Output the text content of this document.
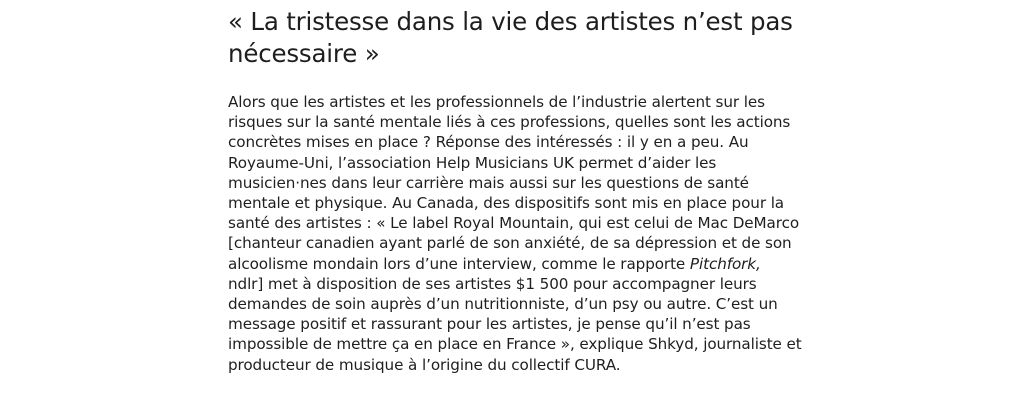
« La tristesse dans la vie des artistes n’est pas
nécessaire »

Alors que les artistes et les professionnels de l’industrie alertent sur les
risques sur la santé mentale liés à ces professions, quelles sont les actions
concrètes mises en place ? Réponse des intéressés : il y en a peu. Au
Royaume-Uni, l’association Help Musicians UK permet d’aider les
musicien·nes dans leur carrière mais aussi sur les questions de santé
mentale et physique. Au Canada, des dispositifs sont mis en place pour la
santé des artistes : « Le label Royal Mountain, qui est celui de Mac DeMarco
[chanteur canadien ayant parlé de son anxiété, de sa dépression et de son
alcoolisme mondain lors d’une interview, comme le rapporte Pitchfork,
ndlr] met à disposition de ses artistes $1 500 pour accompagner leurs
demandes de soin auprès d’un nutritionniste, d’un psy ou autre. C’est un
message positif et rassurant pour les artistes, je pense qu’il n’est pas
impossible de mettre ça en place en France », explique Shkyd, journaliste et
producteur de musique à l’origine du collectif CURA.
